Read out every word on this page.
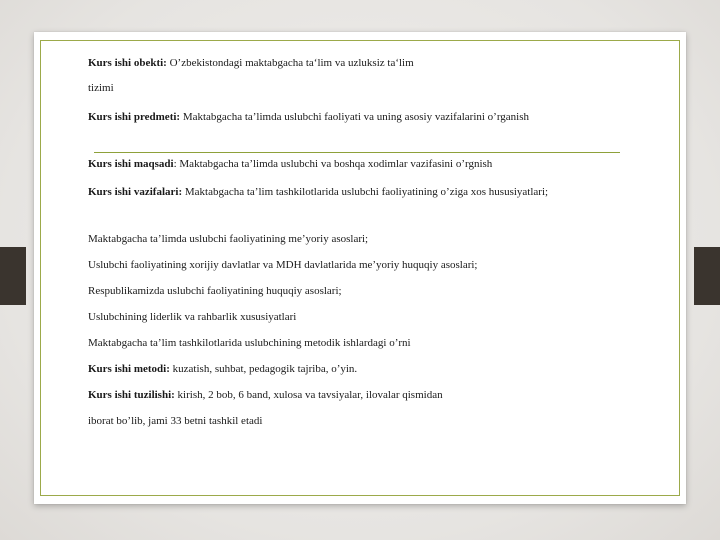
Kurs ishi obekti: O’zbekistondagi maktabgacha ta‘lim va uzluksiz ta‘lim

tizimi

Kurs ishi predmeti: Maktabgacha ta’limda uslubchi faoliyati va uning asosiy vazifalarini o’rganish

Kurs ishi maqsadi: Maktabgacha ta’limda uslubchi va boshqa xodimlar vazifasini o’rgnish

Kurs ishi vazifalari: Maktabgacha ta’lim tashkilotlarida uslubchi faoliyatining o’ziga xos hususiyatlari;

Maktabgacha ta’limda uslubchi faoliyatining me’yoriy asoslari;

Uslubchi faoliyatining xorijiy davlatlar va MDH davlatlarida me’yoriy huquqiy asoslari;

Respublikamizda uslubchi faoliyatining huquqiy asoslari;

Uslubchining liderlik va rahbarlik xususiyatlari

Maktabgacha ta’lim tashkilotlarida uslubchining metodik ishlardagi o’rni

Kurs ishi metodi: kuzatish, suhbat, pedagogik tajriba, o’yin.

Kurs ishi tuzilishi: kirish, 2 bob, 6 band, xulosa va tavsiyalar, ilovalar qismidan

iborat bo’lib, jami 33 betni tashkil etadi
